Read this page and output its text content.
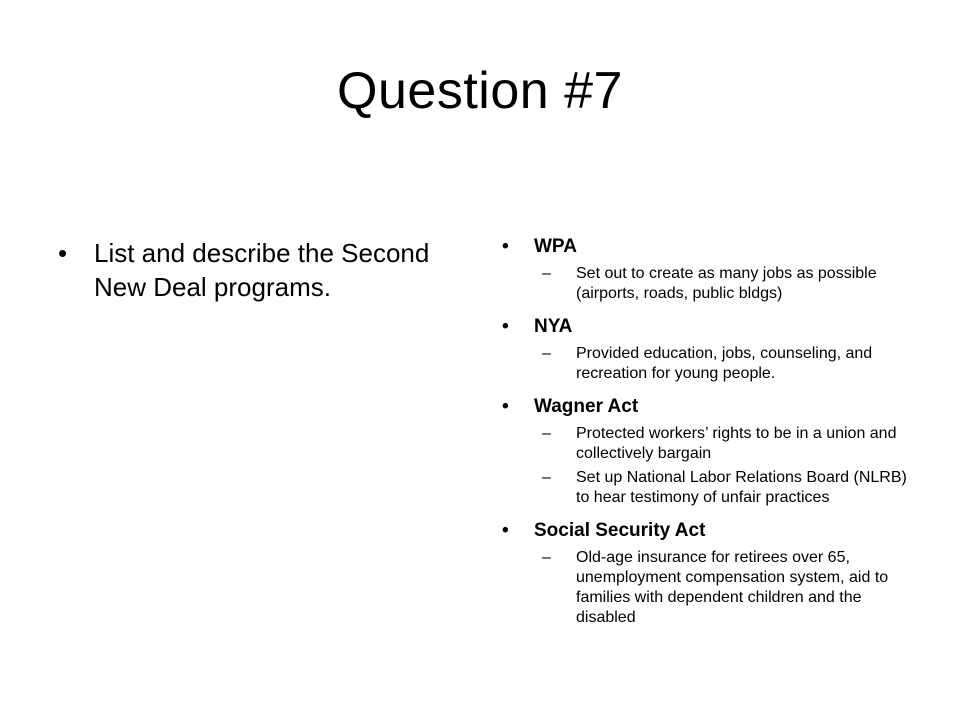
Question #7
• List and describe the Second New Deal programs.
• WPA
– Set out to create as many jobs as possible (airports, roads, public bldgs)
• NYA
– Provided education, jobs, counseling, and recreation for young people.
• Wagner Act
– Protected workers’ rights to be in a union and collectively bargain
– Set up National Labor Relations Board (NLRB) to hear testimony of unfair practices
• Social Security Act
– Old-age insurance for retirees over 65, unemployment compensation system, aid to families with dependent children and the disabled
